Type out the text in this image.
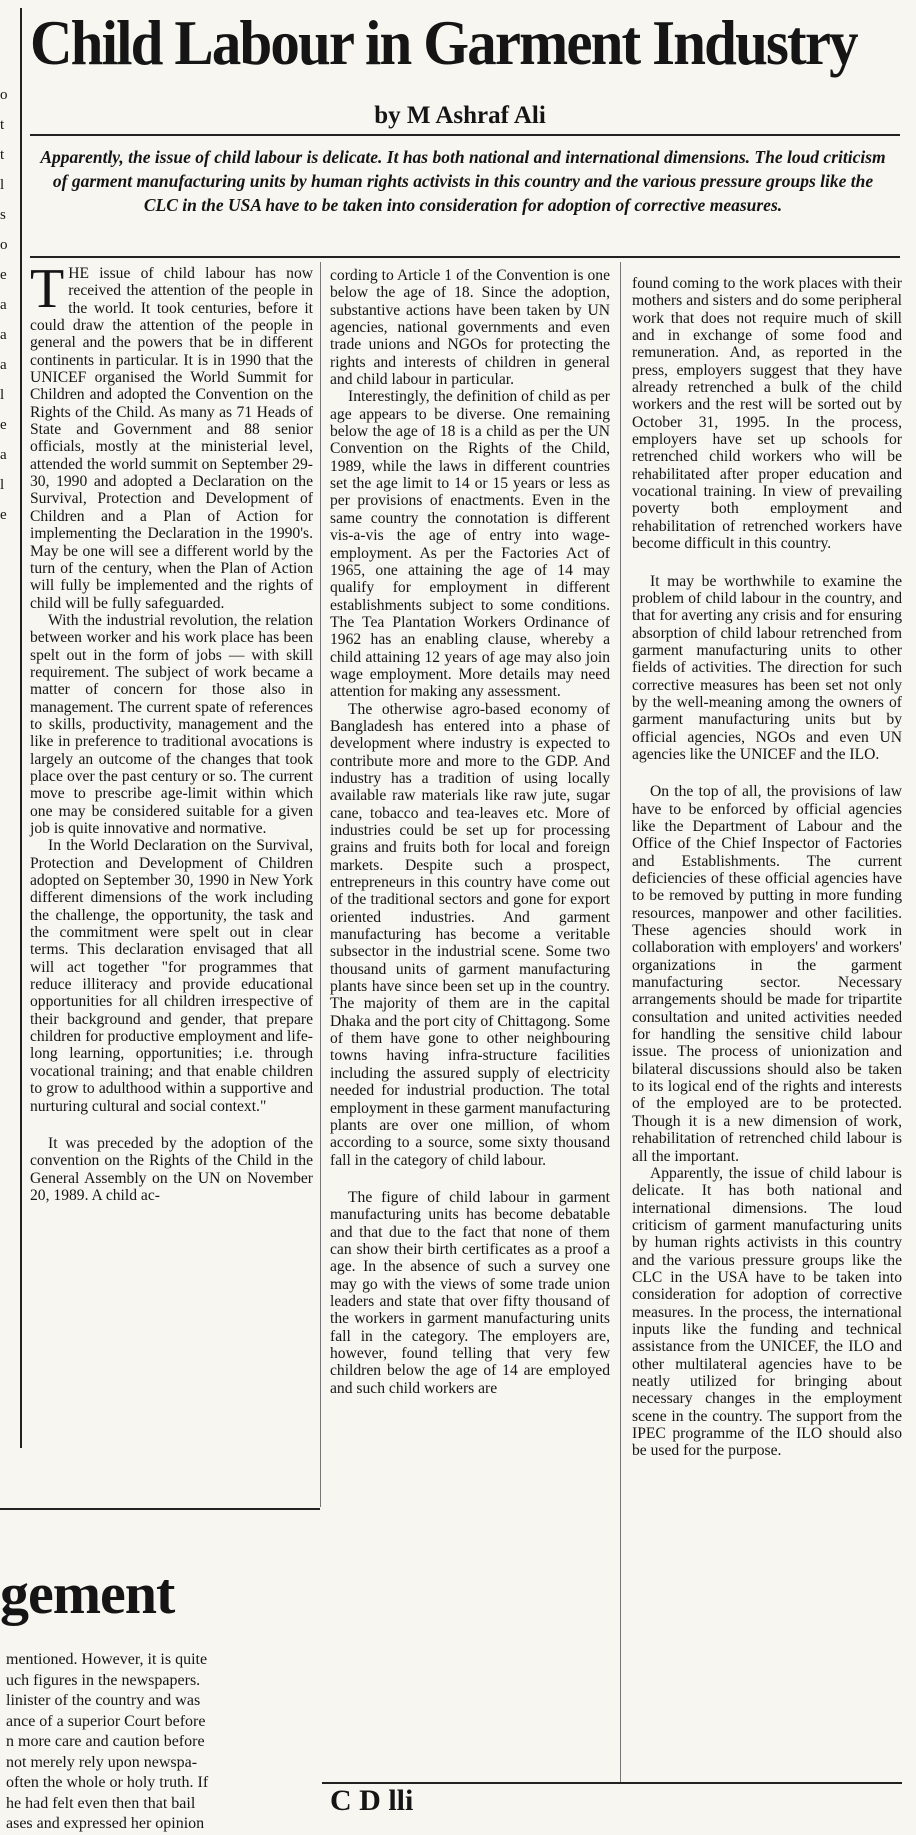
o
t
t
l
s
o
e
a
a
a
l
e
a
l
e
Child Labour in Garment Industry

by M Ashraf Ali

Apparently, the issue of child labour is delicate. It has both national and international dimensions. The loud criticism of garment manufacturing units by human rights activists in this country and the various pressure groups like the CLC in the USA have to be taken into consideration for adoption of corrective measures.

THE issue of child labour has now received the attention of the people in the world. It took centuries, before it could draw the attention of the people in general and the powers that be in different continents in particular. It is in 1990 that the UNICEF organised the World Summit for Children and adopted the Convention on the Rights of the Child. As many as 71 Heads of State and Government and 88 senior officials, mostly at the ministerial level, attended the world summit on September 29-30, 1990 and adopted a Declaration on the Survival, Protection and Development of Children and a Plan of Action for implementing the Declaration in the 1990's. May be one will see a different world by the turn of the century, when the Plan of Action will fully be implemented and the rights of child will be fully safeguarded.

With the industrial revolution, the relation between worker and his work place has been spelt out in the form of jobs — with skill requirement. The subject of work became a matter of concern for those also in management. The current spate of references to skills, productivity, management and the like in preference to traditional avocations is largely an outcome of the changes that took place over the past century or so. The current move to prescribe age-limit within which one may be considered suitable for a given job is quite innovative and normative.

In the World Declaration on the Survival, Protection and Development of Children adopted on September 30, 1990 in New York different dimensions of the work including the challenge, the opportunity, the task and the commitment were spelt out in clear terms. This declaration envisaged that all will act together "for programmes that reduce illiteracy and provide educational opportunities for all children irrespective of their background and gender, that prepare children for productive employment and life-long learning, opportunities; i.e. through vocational training; and that enable children to grow to adulthood within a supportive and nurturing cultural and social context."

It was preceded by the adoption of the convention on the Rights of the Child in the General Assembly on the UN on November 20, 1989. A child ac-

cording to Article 1 of the Convention is one below the age of 18. Since the adoption, substantive actions have been taken by UN agencies, national governments and even trade unions and NGOs for protecting the rights and interests of children in general and child labour in particular.

Interestingly, the definition of child as per age appears to be diverse. One remaining below the age of 18 is a child as per the UN Convention on the Rights of the Child, 1989, while the laws in different countries set the age limit to 14 or 15 years or less as per provisions of enactments. Even in the same country the connotation is different vis-a-vis the age of entry into wage-employment. As per the Factories Act of 1965, one attaining the age of 14 may qualify for employment in different establishments subject to some conditions. The Tea Plantation Workers Ordinance of 1962 has an enabling clause, whereby a child attaining 12 years of age may also join wage employment. More details may need attention for making any assessment.

The otherwise agro-based economy of Bangladesh has entered into a phase of development where industry is expected to contribute more and more to the GDP. And industry has a tradition of using locally available raw materials like raw jute, sugar cane, tobacco and tea-leaves etc. More of industries could be set up for processing grains and fruits both for local and foreign markets. Despite such a prospect, entrepreneurs in this country have come out of the traditional sectors and gone for export oriented industries. And garment manufacturing has become a veritable subsector in the industrial scene. Some two thousand units of garment manufacturing plants have since been set up in the country. The majority of them are in the capital Dhaka and the port city of Chittagong. Some of them have gone to other neighbouring towns having infra-structure facilities including the assured supply of electricity needed for industrial production. The total employment in these garment manufacturing plants are over one million, of whom according to a source, some sixty thousand fall in the category of child labour.

The figure of child labour in garment manufacturing units has become debatable and that due to the fact that none of them can show their birth certificates as a proof a age. In the absence of such a survey one may go with the views of some trade union leaders and state that over fifty thousand of the workers in garment manufacturing units fall in the category. The employers are, however, found telling that very few children below the age of 14 are employed and such child workers are

found coming to the work places with their mothers and sisters and do some peripheral work that does not require much of skill and in exchange of some food and remuneration. And, as reported in the press, employers suggest that they have already retrenched a bulk of the child workers and the rest will be sorted out by October 31, 1995. In the process, employers have set up schools for retrenched child workers who will be rehabilitated after proper education and vocational training. In view of prevailing poverty both employment and rehabilitation of retrenched workers have become difficult in this country.

It may be worthwhile to examine the problem of child labour in the country, and that for averting any crisis and for ensuring absorption of child labour retrenched from garment manufacturing units to other fields of activities. The direction for such corrective measures has been set not only by the well-meaning among the owners of garment manufacturing units but by official agencies, NGOs and even UN agencies like the UNICEF and the ILO.

On the top of all, the provisions of law have to be enforced by official agencies like the Department of Labour and the Office of the Chief Inspector of Factories and Establishments. The current deficiencies of these official agencies have to be removed by putting in more funding resources, manpower and other facilities. These agencies should work in collaboration with employers' and workers' organizations in the garment manufacturing sector. Necessary arrangements should be made for tripartite consultation and united activities needed for handling the sensitive child labour issue. The process of unionization and bilateral discussions should also be taken to its logical end of the rights and interests of the employed are to be protected. Though it is a new dimension of work, rehabilitation of retrenched child labour is all the important.

Apparently, the issue of child labour is delicate. It has both national and international dimensions. The loud criticism of garment manufacturing units by human rights activists in this country and the various pressure groups like the CLC in the USA have to be taken into consideration for adoption of corrective measures. In the process, the international inputs like the funding and technical assistance from the UNICEF, the ILO and other multilateral agencies have to be neatly utilized for bringing about necessary changes in the employment scene in the country. The support from the IPEC programme of the ILO should also be used for the purpose.

gement
mentioned. However, it is quite
uch figures in the newspapers.
linister of the country and was
ance of a superior Court before
n more care and caution before
not merely rely upon newspa-
often the whole or holy truth. If
he had felt even then that bail
ases and expressed her opinion

C D lli
